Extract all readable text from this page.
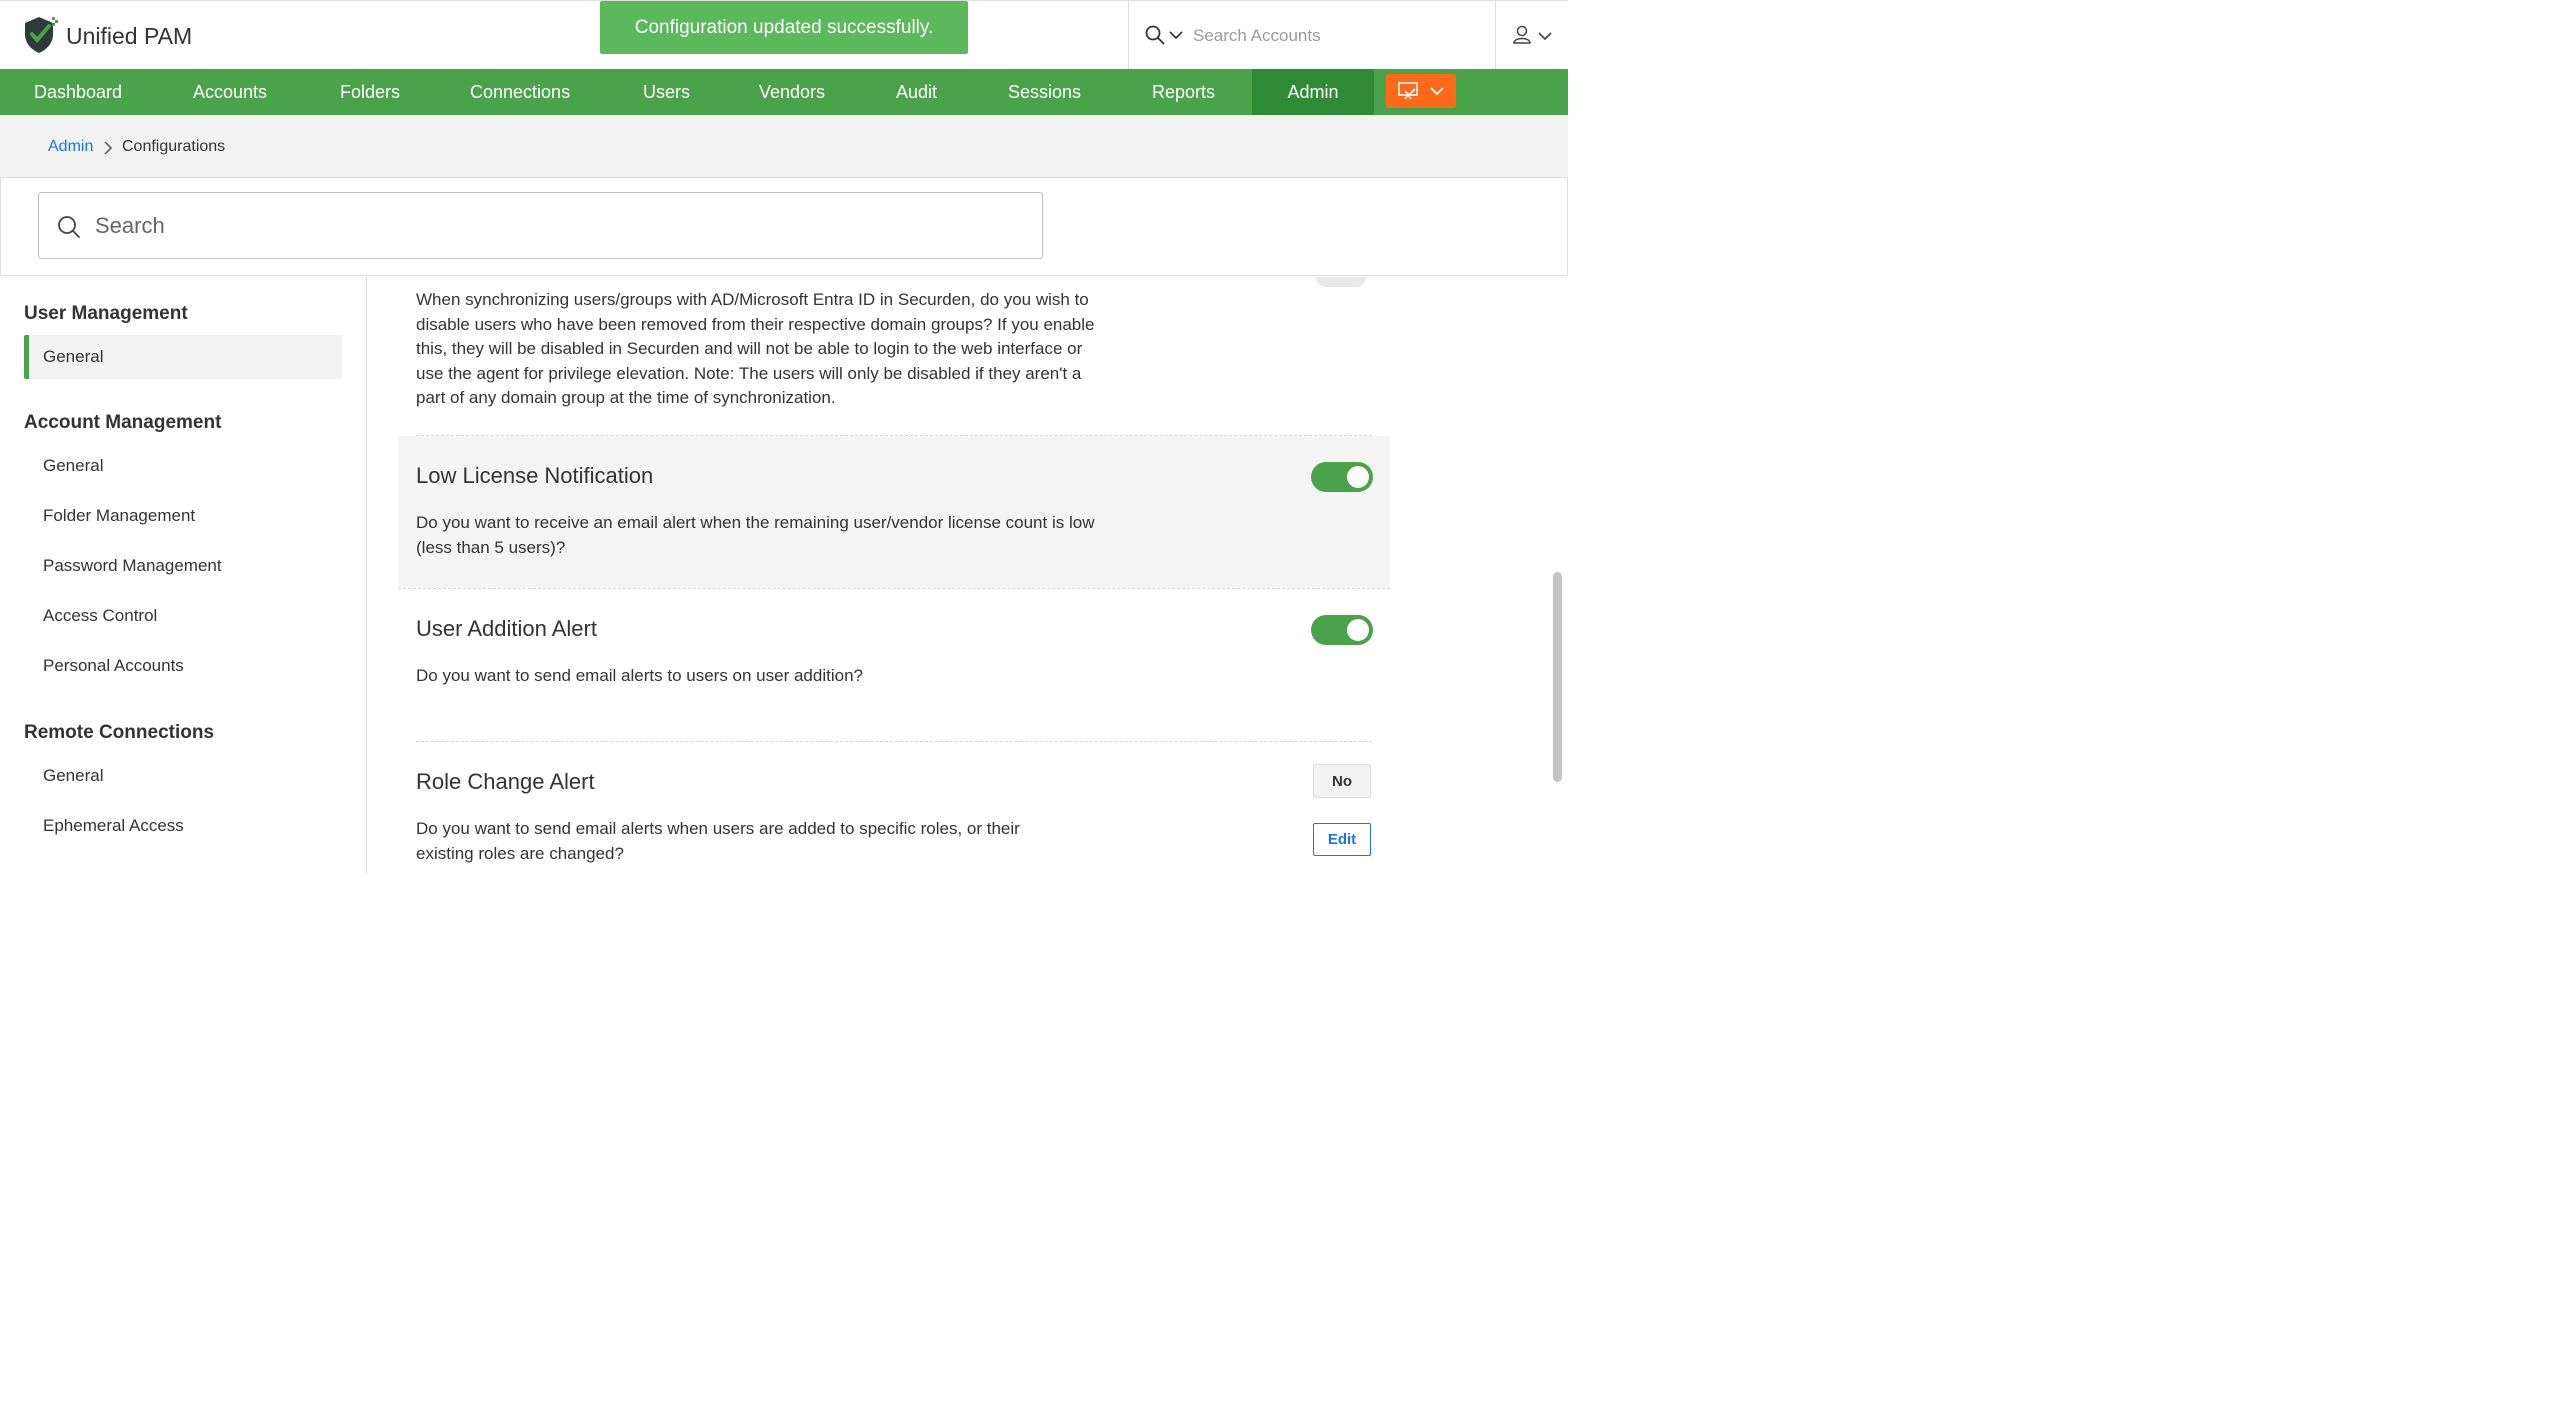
Unified PAM
Search Accounts	Configuration updated successfully.
Dashboard	Accounts	Folders	Connections	Users	Vendors	Audit	Sessions	Reports	Admin
Admin Configurations
Search
User Management
General
Account Management
General
Folder Management
Password Management
Access Control
Personal Accounts
Remote Connections
General
Ephemeral Access
When synchronizing users/groups with AD/Microsoft Entra ID in Securden, do you wish to disable users who have been removed from their respective domain groups? If you enable this, they will be disabled in Securden and will not be able to login to the web interface or use the agent for privilege elevation. Note: The users will only be disabled if they aren't a part of any domain group at the time of synchronization.
Low License Notification
Do you want to receive an email alert when the remaining user/vendor license count is low (less than 5 users)?
User Addition Alert
Do you want to send email alerts to users on user addition?
Role Change Alert	No
Do you want to send email alerts when users are added to specific roles, or their existing roles are changed?
Edit
